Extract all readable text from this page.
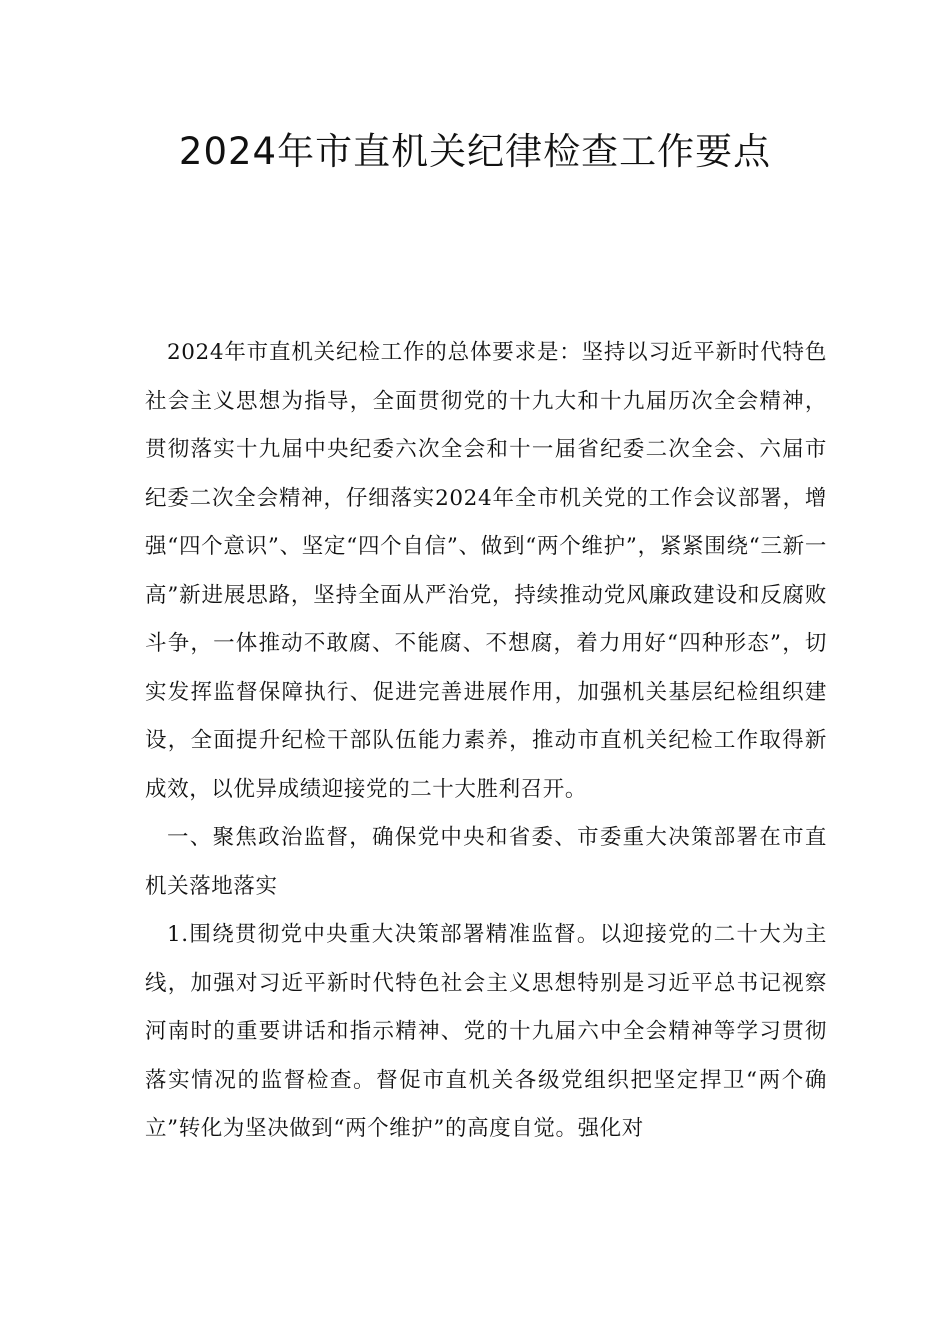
2024年市直机关纪律检查工作要点

2024年市直机关纪检工作的总体要求是：坚持以习近平新时代特色社会主义思想为指导，全面贯彻党的十九大和十九届历次全会精神，贯彻落实十九届中央纪委六次全会和十一届省纪委二次全会、六届市纪委二次全会精神，仔细落实2024年全市机关党的工作会议部署，增强“四个意识”、坚定“四个自信”、做到“两个维护”，紧紧围绕“三新一高”新进展思路，坚持全面从严治党，持续推动党风廉政建设和反腐败斗争，一体推动不敢腐、不能腐、不想腐，着力用好“四种形态”，切实发挥监督保障执行、促进完善进展作用，加强机关基层纪检组织建设，全面提升纪检干部队伍能力素养，推动市直机关纪检工作取得新成效，以优异成绩迎接党的二十大胜利召开。

一、聚焦政治监督，确保党中央和省委、市委重大决策部署在市直机关落地落实

1.围绕贯彻党中央重大决策部署精准监督。以迎接党的二十大为主线，加强对习近平新时代特色社会主义思想特别是习近平总书记视察河南时的重要讲话和指示精神、党的十九届六中全会精神等学习贯彻落实情况的监督检查。督促市直机关各级党组织把坚定捍卫“两个确立”转化为坚决做到“两个维护”的高度自觉。强化对
